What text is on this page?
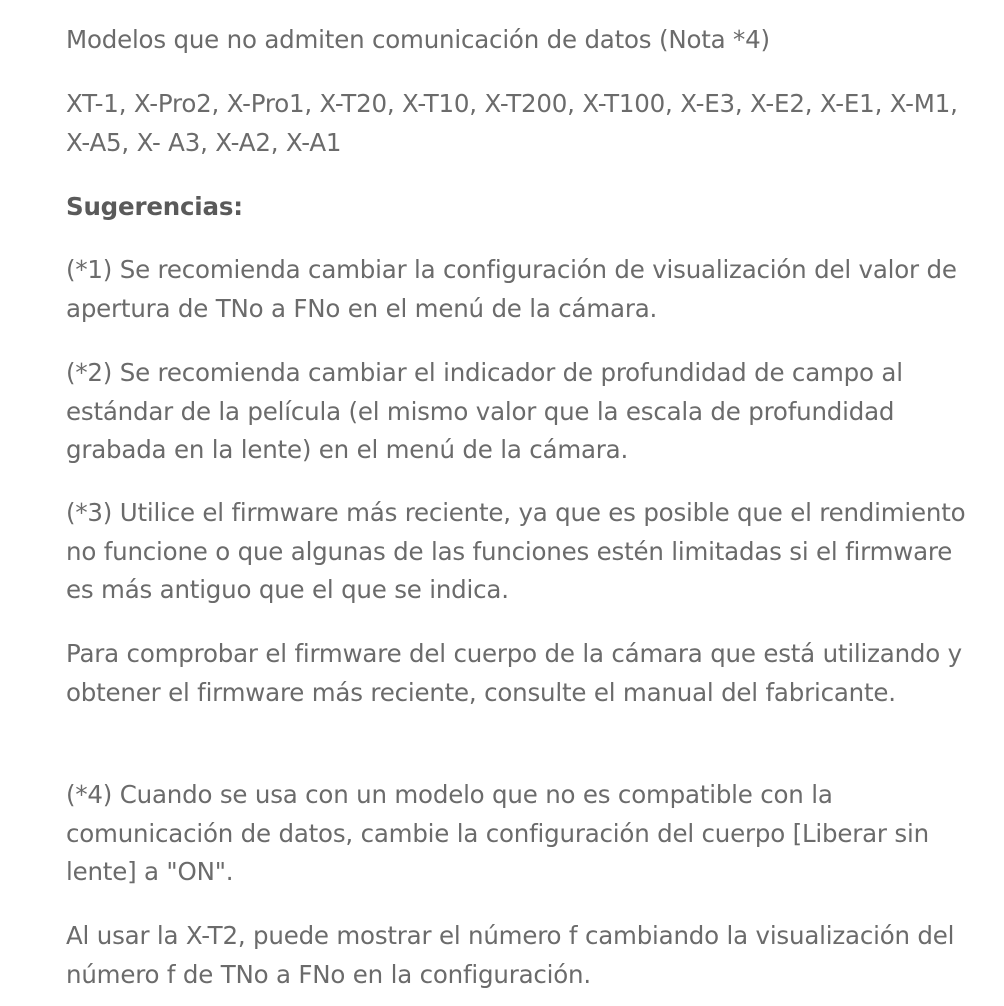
Modelos que no admiten comunicación de datos (Nota *4)

XT-1, X-Pro2, X-Pro1, X-T20, X-T10, X-T200, X-T100, X-E3, X-E2, X-E1, X-M1, X-A5, X- A3, X-A2, X-A1

Sugerencias:

(*1) Se recomienda cambiar la configuración de visualización del valor de apertura de TNo a FNo en el menú de la cámara.

(*2) Se recomienda cambiar el indicador de profundidad de campo al estándar de la película (el mismo valor que la escala de profundidad grabada en la lente) en el menú de la cámara.

(*3) Utilice el firmware más reciente, ya que es posible que el rendimiento no funcione o que algunas de las funciones estén limitadas si el firmware es más antiguo que el que se indica.

Para comprobar el firmware del cuerpo de la cámara que está utilizando y obtener el firmware más reciente, consulte el manual del fabricante.

(*4) Cuando se usa con un modelo que no es compatible con la comunicación de datos, cambie la configuración del cuerpo [Liberar sin lente] a "ON".

Al usar la X-T2, puede mostrar el número f cambiando la visualización del número f de TNo a FNo en la configuración.
